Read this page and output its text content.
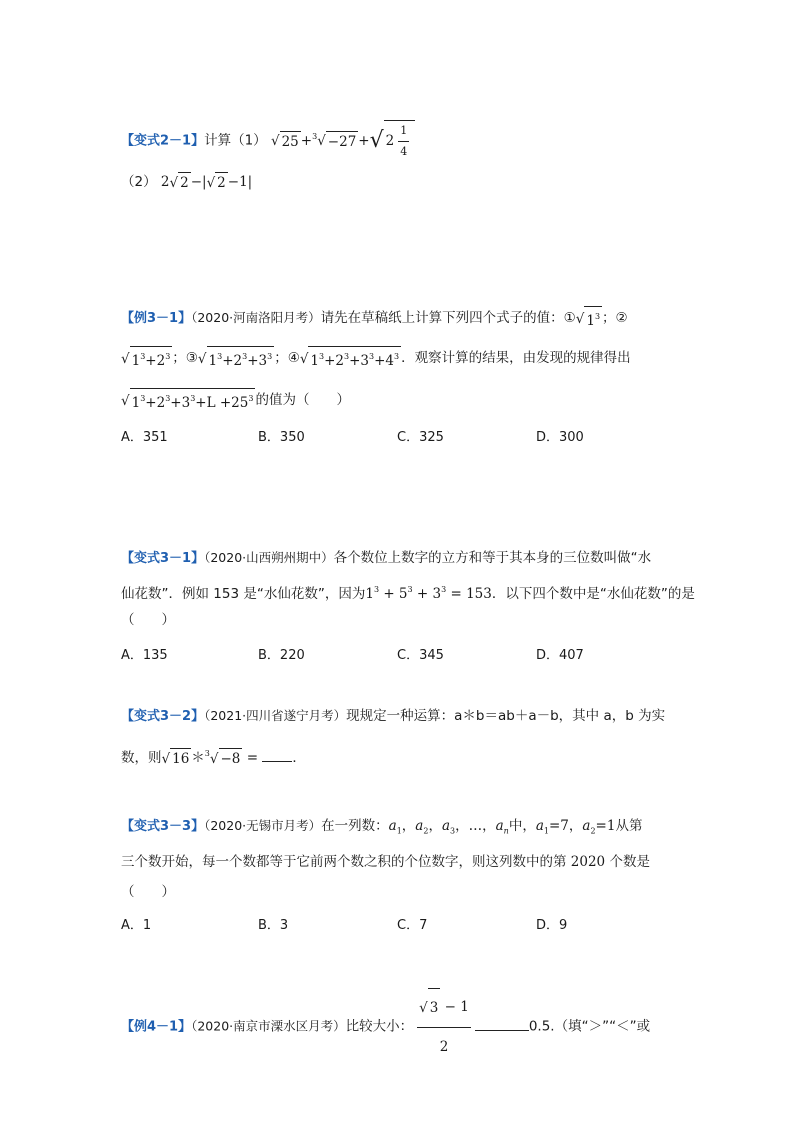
【变式2－1】计算（1） √ 25 +$^3$√ −27 +√ $2 \frac{1}{4}$
（2） 2√ 2 −|√ 2 −1|
【例3－1】（2020·河南洛阳月考）请先在草稿纸上计算下列四个式子的值：①√ $1^3$ ；②
√ $1^3+2^3$ ；③√ $1^3+2^3+3^3$ ；④√ $1^3+2^3+3^3+4^3$ ．观察计算的结果，由发现的规律得出
√ $1^3+2^3+3^3+L +25^3$ 的值为（　　）
A．351	B．350	C．325	D．300
【变式3－1】（2020·山西朔州期中）各个数位上数字的立方和等于其本身的三位数叫做“水
仙花数”．例如 153 是“水仙花数”，因为$1^3 + 5^3 + 3^3 = 153$．以下四个数中是“水仙花数”的是
（　　）
A．135	B．220	C．345	D．407
【变式3－2】（2021·四川省遂宁月考）现规定一种运算：a＊b＝ab＋a－b，其中 a，b 为实
数，则√ 16 ＊$^3$√ −8 = ．
【变式3－3】（2020·无锡市月考）在一列数：$a_1$，$a_2$，$a_3$，…，$a_n$中，$a_1=7$，$a_2=1$从第
三个数开始，每一个数都等于它前两个数之积的个位数字，则这列数中的第 2020 个数是
（　　）
A．1	B．3	C．7	D．9
【例4－1】（2020·南京市溧水区月考）比较大小： $\frac{√ 3 - 1}{2}$	0.5.（填“＞”“＜”或
